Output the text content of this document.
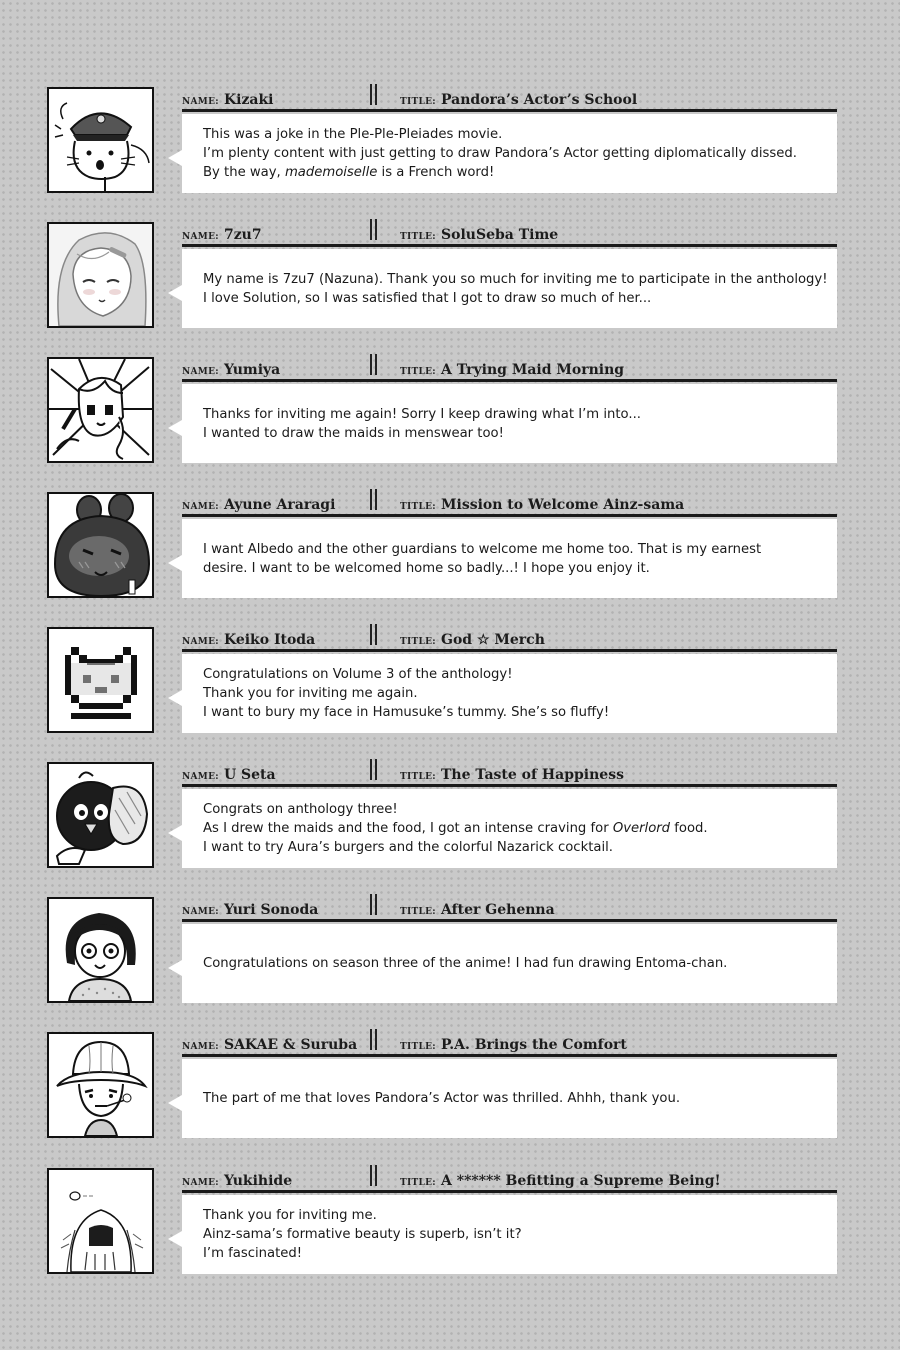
NAME: Kizaki	TITLE: Pandora’s Actor’s School
This was a joke in the Ple-Ple-Pleiades movie.
I’m plenty content with just getting to draw Pandora’s Actor getting diplomatically dissed.
By the way, mademoiselle is a French word!
NAME: 7zu7	TITLE: SoluSeba Time
My name is 7zu7 (Nazuna). Thank you so much for inviting me to participate in the anthology!
I love Solution, so I was satisfied that I got to draw so much of her...
NAME: Yumiya	TITLE: A Trying Maid Morning
Thanks for inviting me again! Sorry I keep drawing what I’m into...
I wanted to draw the maids in menswear too!
NAME: Ayune Araragi	TITLE: Mission to Welcome Ainz-sama
I want Albedo and the other guardians to welcome me home too. That is my earnest
desire. I want to be welcomed home so badly...! I hope you enjoy it.
NAME: Keiko Itoda	TITLE: God ☆ Merch
Congratulations on Volume 3 of the anthology!
Thank you for inviting me again.
I want to bury my face in Hamusuke’s tummy. She’s so fluffy!
NAME: U Seta	TITLE: The Taste of Happiness
Congrats on anthology three!
As I drew the maids and the food, I got an intense craving for Overlord food.
I want to try Aura’s burgers and the colorful Nazarick cocktail.
NAME: Yuri Sonoda	TITLE: After Gehenna
Congratulations on season three of the anime! I had fun drawing Entoma-chan.
NAME: SAKAE & Suruba	TITLE: P.A. Brings the Comfort
The part of me that loves Pandora’s Actor was thrilled. Ahhh, thank you.
NAME: Yukihide	TITLE: A ****** Befitting a Supreme Being!
Thank you for inviting me.
Ainz-sama’s formative beauty is superb, isn’t it?
I’m fascinated!
